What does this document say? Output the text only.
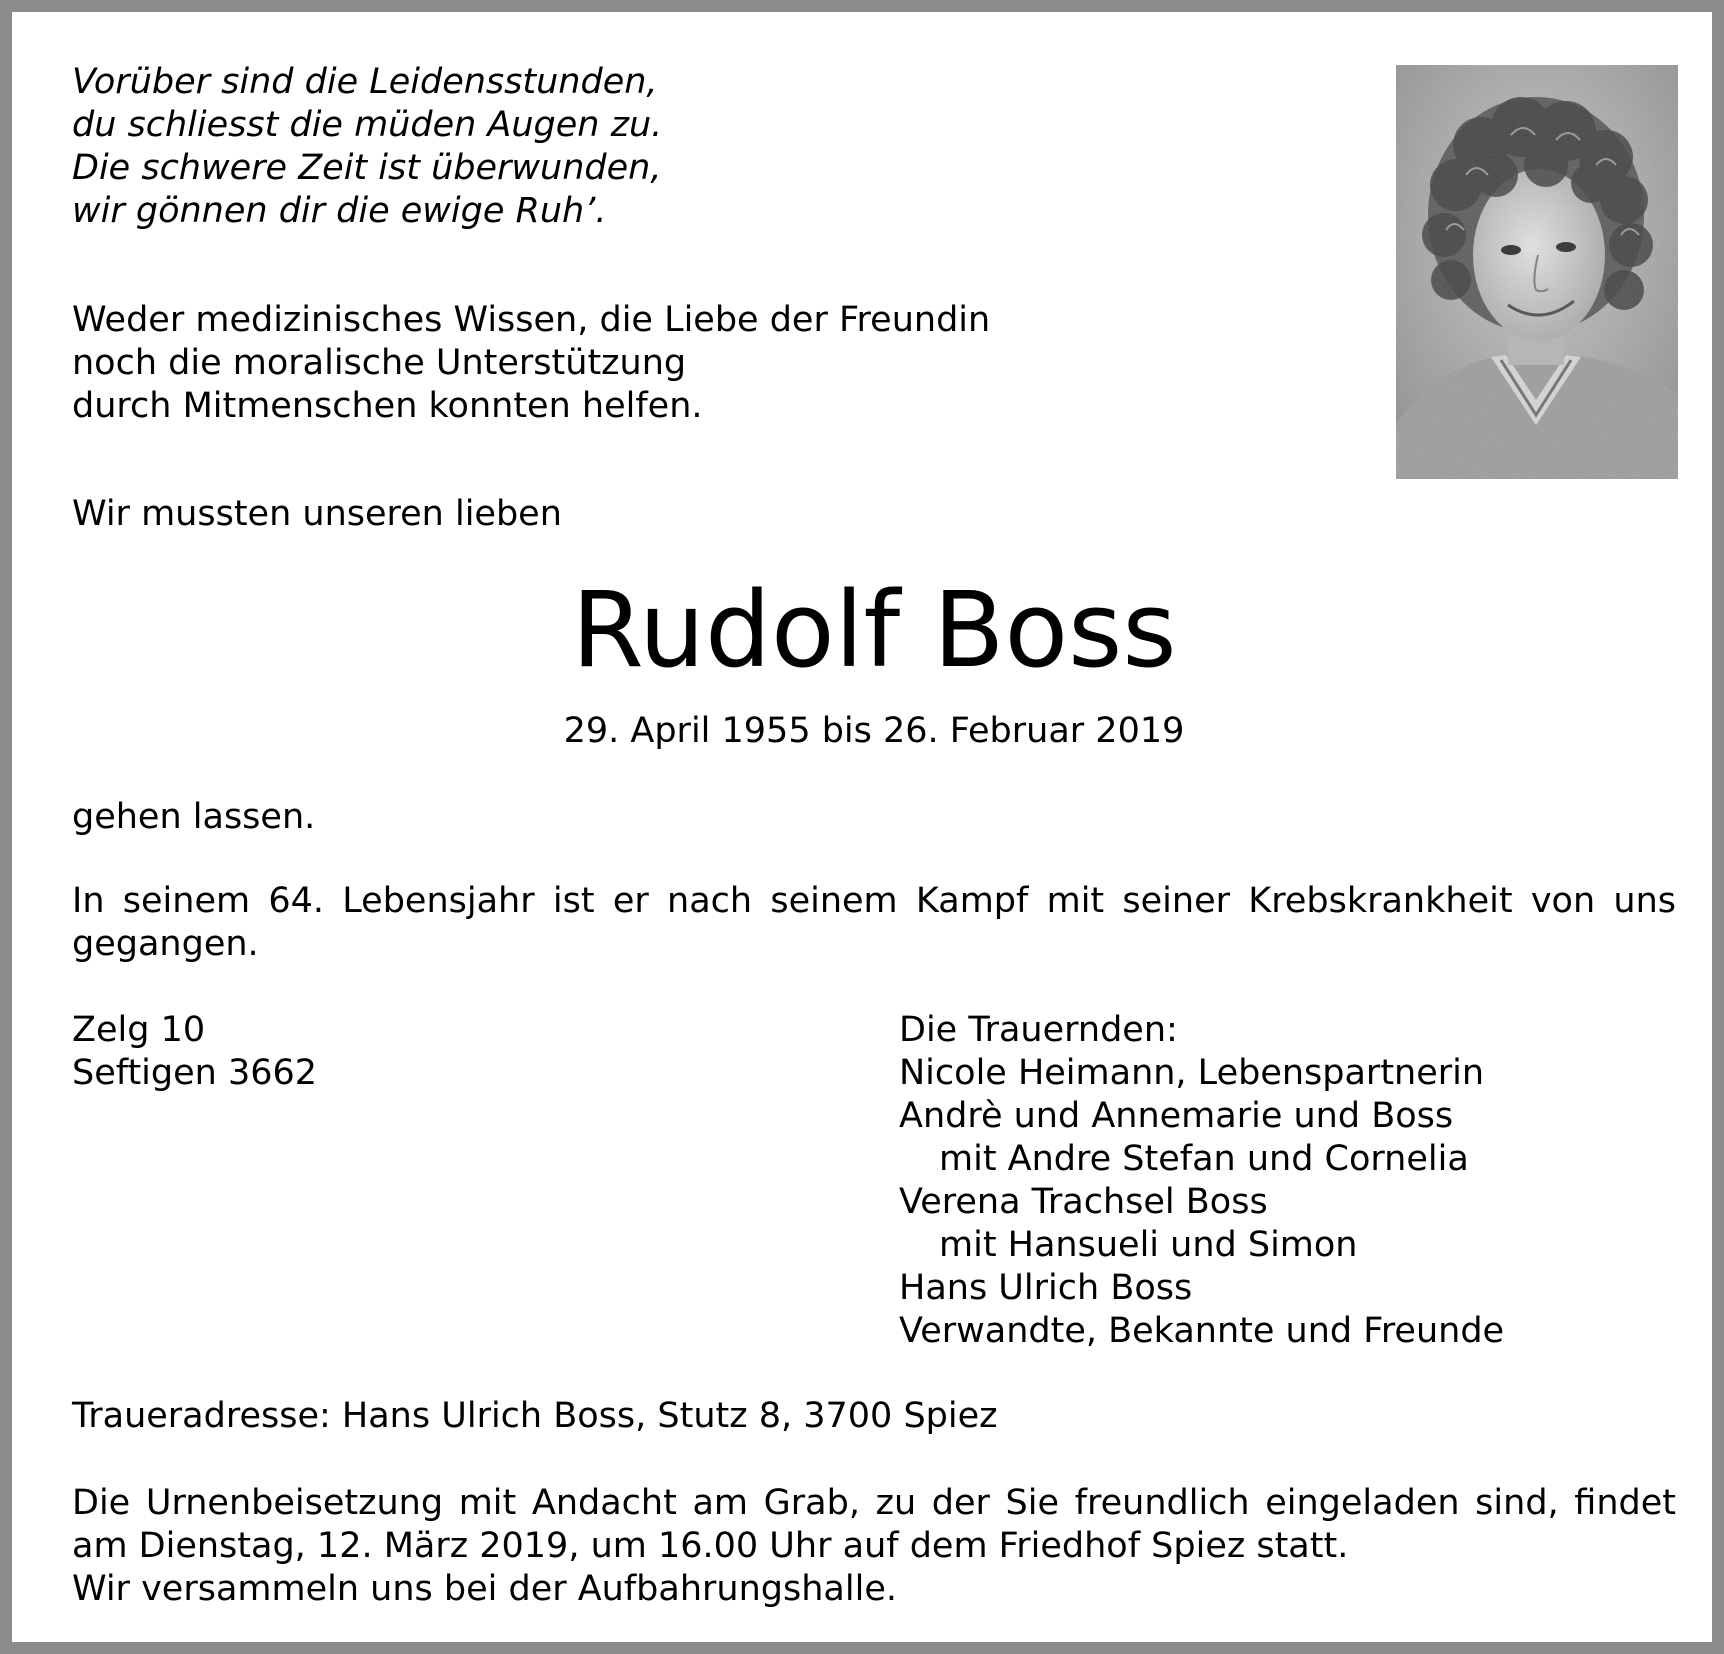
Vorüber sind die Leidensstunden,
du schliesst die müden Augen zu.
Die schwere Zeit ist überwunden,
wir gönnen dir die ewige Ruh’.
Weder medizinisches Wissen, die Liebe der Freundin
noch die moralische Unterstützung
durch Mitmenschen konnten helfen.
Wir mussten unseren lieben
Rudolf Boss
29. April 1955 bis 26. Februar 2019
gehen lassen.

In seinem 64. Lebensjahr ist er nach seinem Kampf mit seiner Krebskrankheit von uns gegangen.

Zelg 10
Seftigen 3662
Die Trauernden:
Nicole Heimann, Lebenspartnerin
Andrè und Annemarie und Boss
mit Andre Stefan und Cornelia
Verena Trachsel Boss
mit Hansueli und Simon
Hans Ulrich Boss
Verwandte, Bekannte und Freunde
Traueradresse: Hans Ulrich Boss, Stutz 8, 3700 Spiez

Die Urnenbeisetzung mit Andacht am Grab, zu der Sie freundlich eingeladen sind, findet am Dienstag, 12. März 2019, um 16.00 Uhr auf dem Friedhof Spiez statt.

Wir versammeln uns bei der Aufbahrungshalle.
